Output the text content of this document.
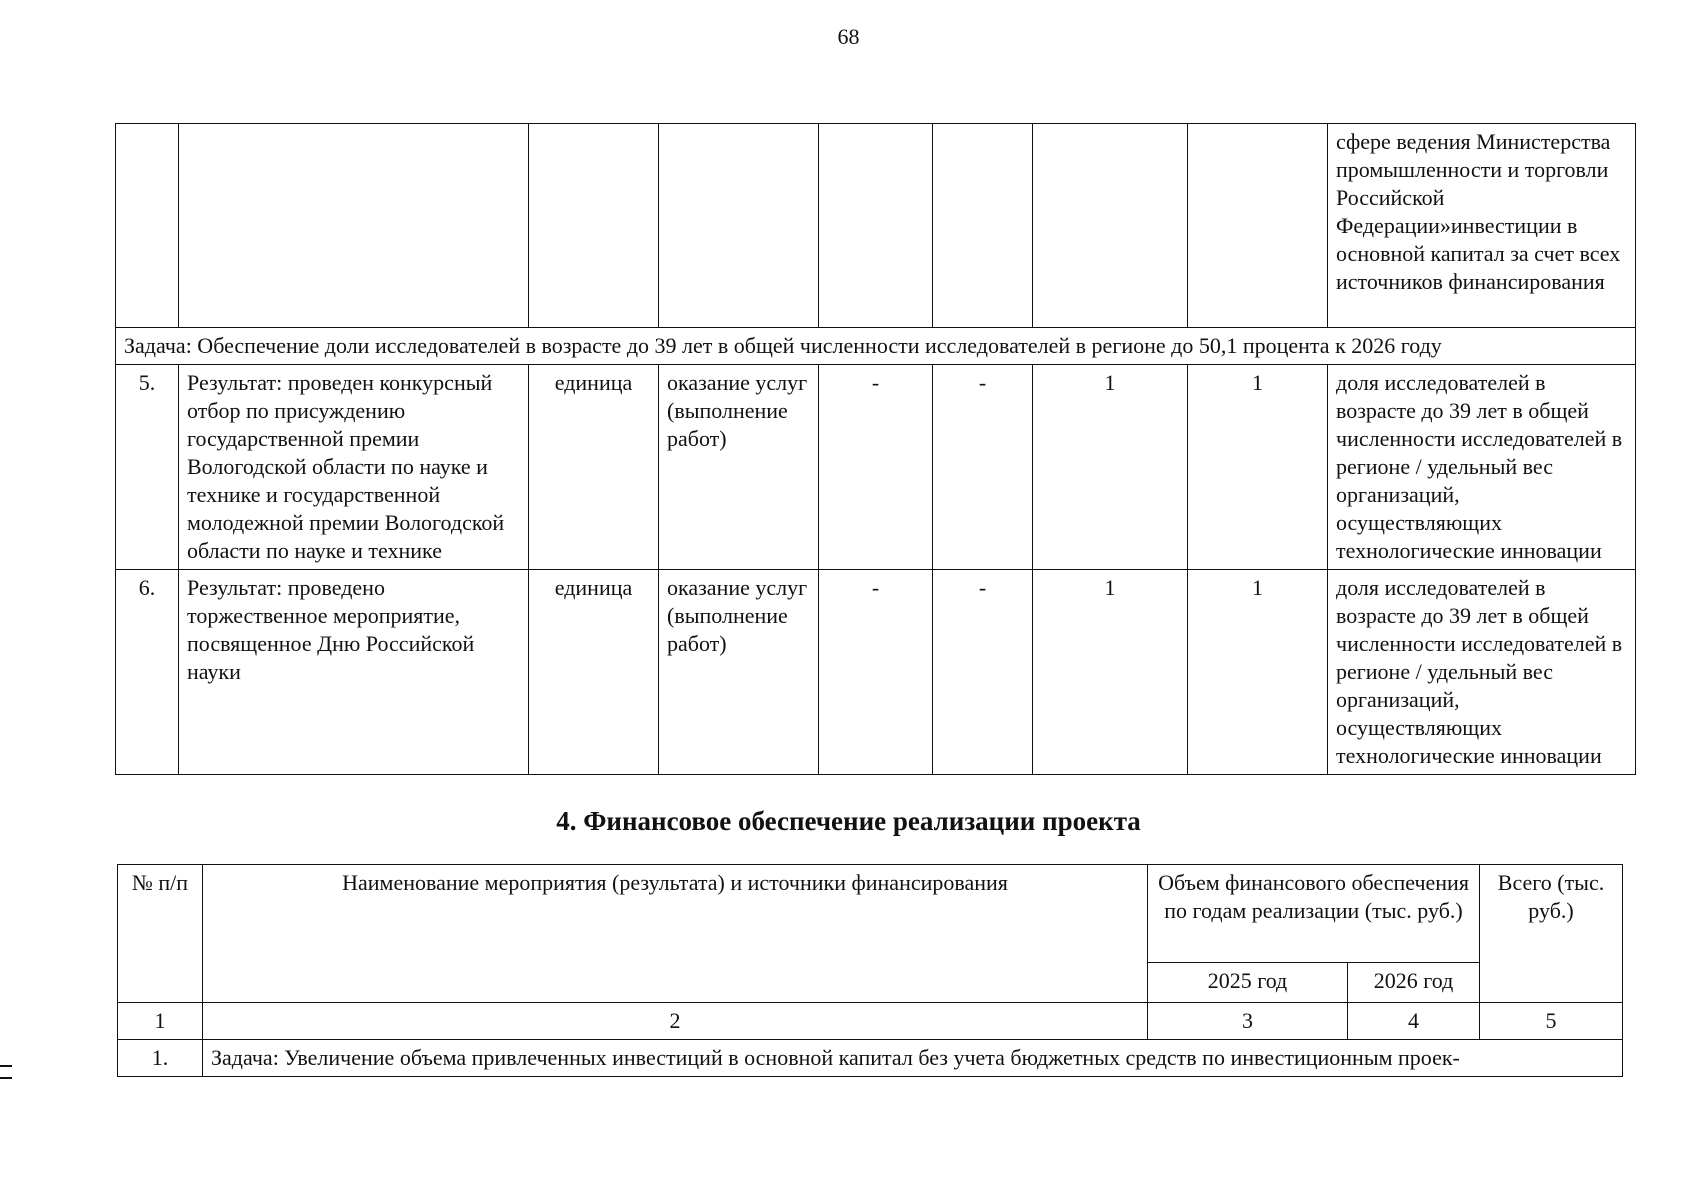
68
								сфере ведения Министерства промышленности и торговли Российской Федерации»инвестиции в основной капитал за счет всех источников финансирования
Задача: Обеспечение доли исследователей в возрасте до 39 лет в общей численности исследователей в регионе до 50,1 процента к 2026 году								
5.	Результат: проведен конкурсный отбор по присуждению государственной премии Вологодской области по науке и технике и государственной молодежной премии Вологодской области по науке и технике	единица	оказание услуг (выполнение работ)	-	-	1	1	доля исследователей в возрасте до 39 лет в общей численности исследователей в регионе / удельный вес организаций, осуществляющих технологические инновации
6.	Результат: проведено торжественное мероприятие, посвященное Дню Российской науки	единица	оказание услуг (выполнение работ)	-	-	1	1	доля исследователей в возрасте до 39 лет в общей численности исследователей в регионе / удельный вес организаций, осуществляющих технологические инновации
4. Финансовое обеспечение реализации проекта
№ п/п	Наименование мероприятия (результата) и источники финансирования	Объем финансового обеспечения по годам реализации (тыс. руб.)		Всего (тыс. руб.)
		2025 год	2026 год	
1	2	3	4	5
1.	Задача: Увеличение объема привлеченных инвестиций в основной капитал без учета бюджетных средств по инвестиционным проек-			
